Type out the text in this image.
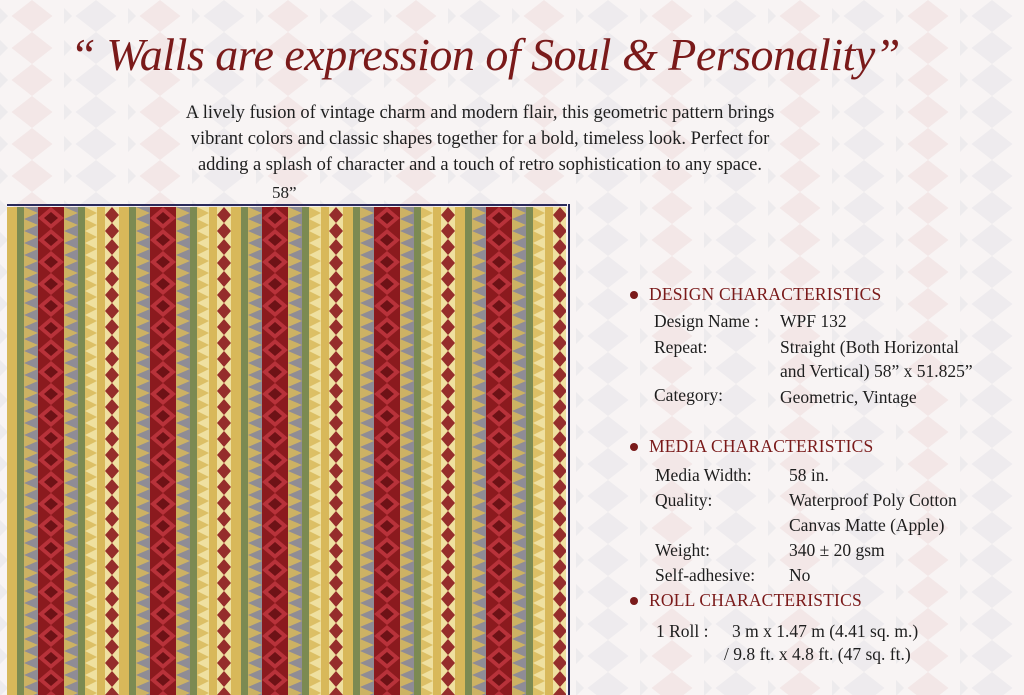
“ Walls are expression of Soul & Personality”
A lively fusion of vintage charm and modern flair, this geometric pattern brings
vibrant colors and classic shapes together for a bold, timeless look. Perfect for
adding a splash of character and a touch of retro sophistication to any space.
58”
DESIGN CHARACTERISTICS
Design Name : WPF 132
Repeat:	Straight (Both Horizontal
and Vertical) 58” x 51.825”
Category:	Geometric, Vintage
MEDIA CHARACTERISTICS
Media Width: 58 in.
Quality:	Waterproof Poly Cotton
Canvas Matte (Apple)
Weight:	340 ± 20 gsm
Self-adhesive: No
ROLL CHARACTERISTICS
1 Roll : 3 m x 1.47 m (4.41 sq. m.)
/ 9.8 ft. x 4.8 ft. (47 sq. ft.)
